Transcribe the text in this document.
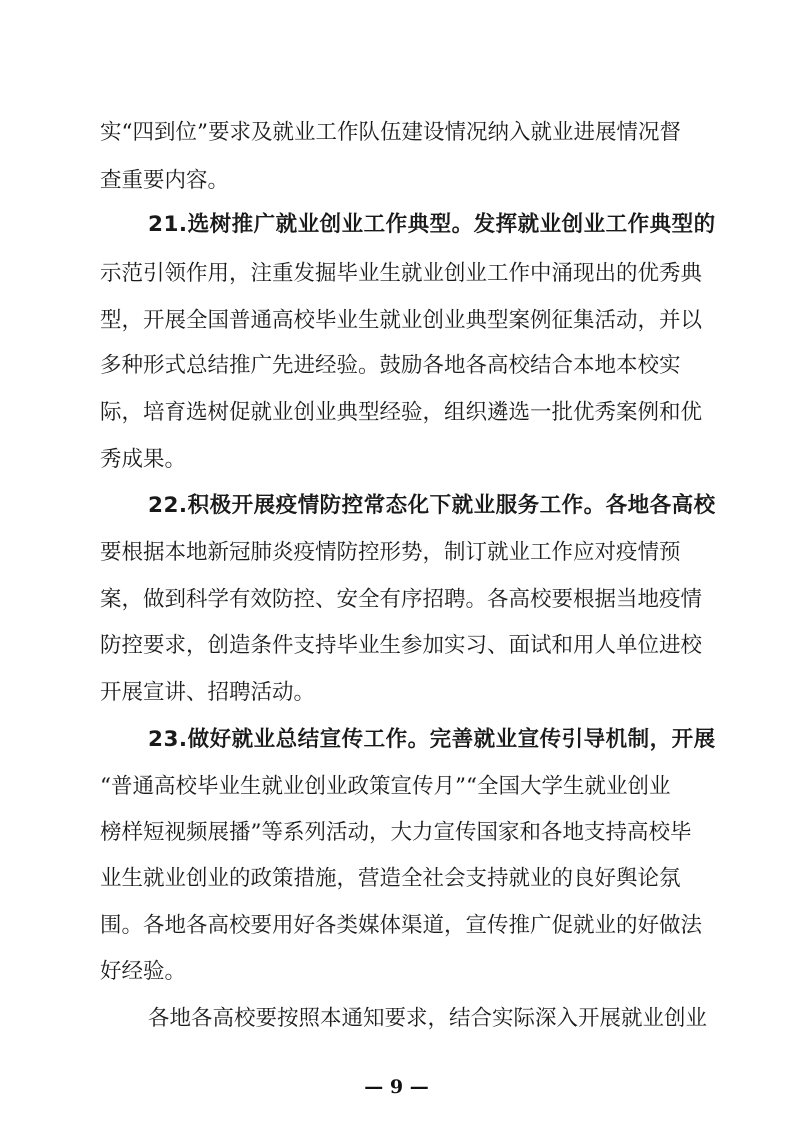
实“四到位”要求及就业工作队伍建设情况纳入就业进展情况督
查重要内容。
21.选树推广就业创业工作典型。发挥就业创业工作典型的
示范引领作用，注重发掘毕业生就业创业工作中涌现出的优秀典
型，开展全国普通高校毕业生就业创业典型案例征集活动，并以
多种形式总结推广先进经验。鼓励各地各高校结合本地本校实
际，培育选树促就业创业典型经验，组织遴选一批优秀案例和优
秀成果。
22.积极开展疫情防控常态化下就业服务工作。各地各高校
要根据本地新冠肺炎疫情防控形势，制订就业工作应对疫情预
案，做到科学有效防控、安全有序招聘。各高校要根据当地疫情
防控要求，创造条件支持毕业生参加实习、面试和用人单位进校
开展宣讲、招聘活动。
23.做好就业总结宣传工作。完善就业宣传引导机制，开展
“普通高校毕业生就业创业政策宣传月”“全国大学生就业创业
榜样短视频展播”等系列活动，大力宣传国家和各地支持高校毕
业生就业创业的政策措施，营造全社会支持就业的良好舆论氛
围。各地各高校要用好各类媒体渠道，宣传推广促就业的好做法
好经验。
各地各高校要按照本通知要求，结合实际深入开展就业创业
— 9 —
